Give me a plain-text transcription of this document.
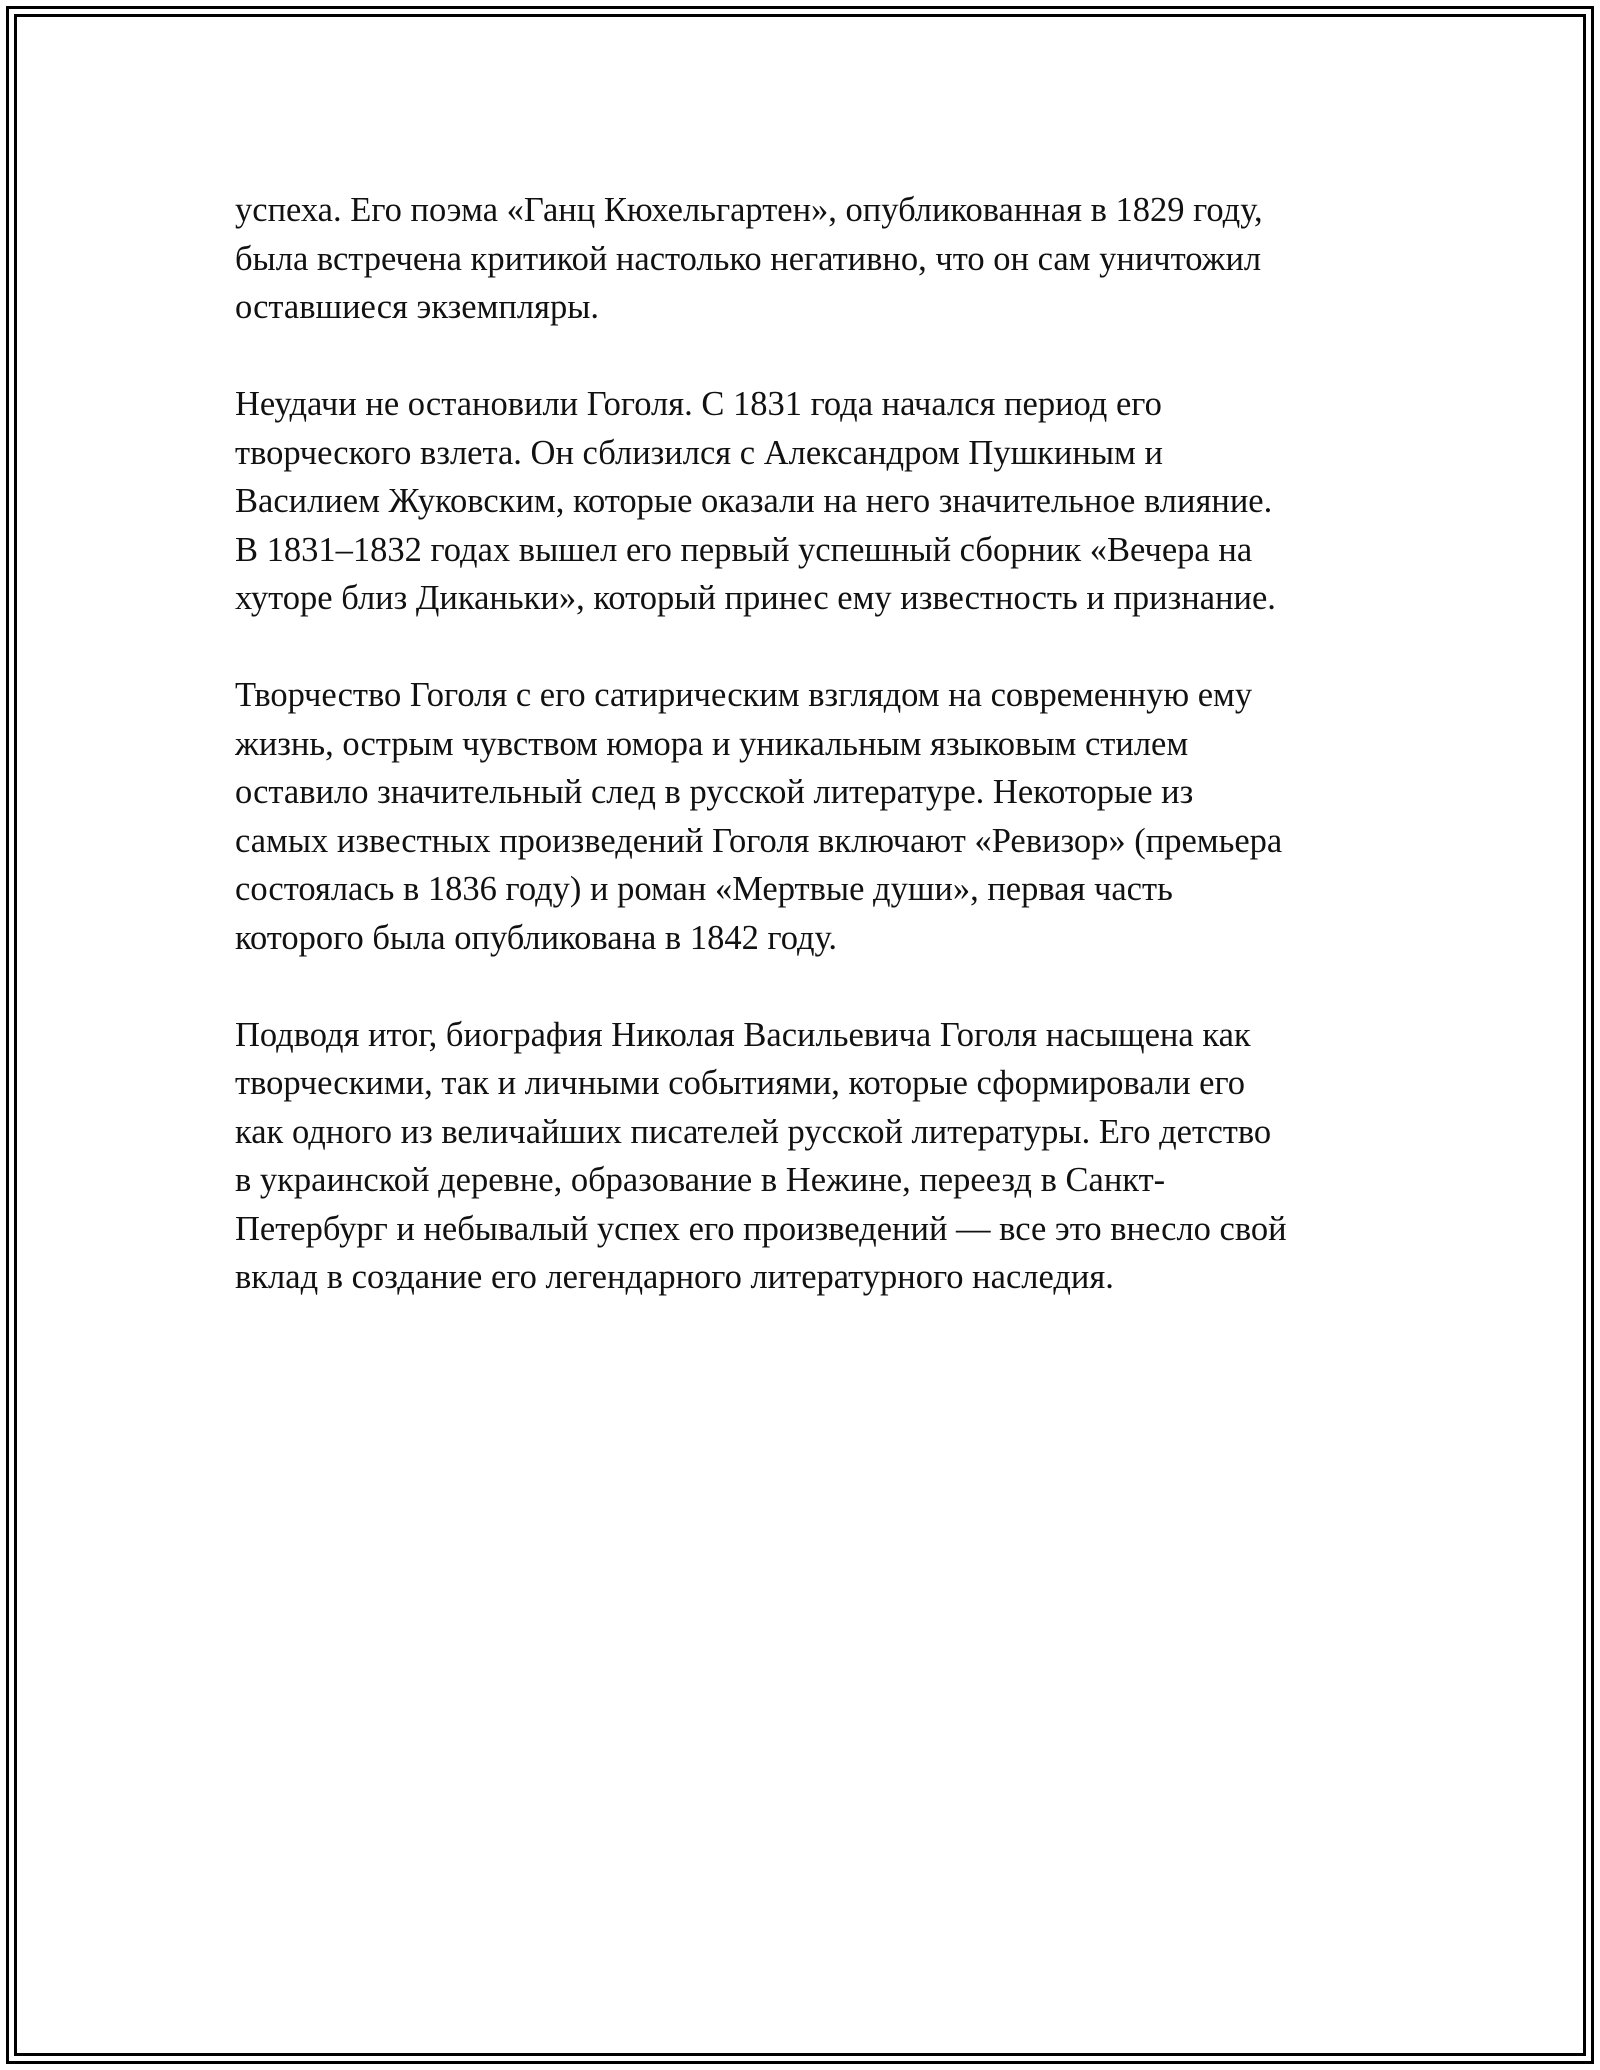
успеха. Его поэма «Ганц Кюхельгартен», опубликованная в 1829 году,
была встречена критикой настолько негативно, что он сам уничтожил
оставшиеся экземпляры.

Неудачи не остановили Гоголя. С 1831 года начался период его
творческого взлета. Он сблизился с Александром Пушкиным и
Василием Жуковским, которые оказали на него значительное влияние.
В 1831–1832 годах вышел его первый успешный сборник «Вечера на
хуторе близ Диканьки», который принес ему известность и признание.

Творчество Гоголя с его сатирическим взглядом на современную ему
жизнь, острым чувством юмора и уникальным языковым стилем
оставило значительный след в русской литературе. Некоторые из
самых известных произведений Гоголя включают «Ревизор» (премьера
состоялась в 1836 году) и роман «Мертвые души», первая часть
которого была опубликована в 1842 году.

Подводя итог, биография Николая Васильевича Гоголя насыщена как
творческими, так и личными событиями, которые сформировали его
как одного из величайших писателей русской литературы. Его детство
в украинской деревне, образование в Нежине, переезд в Санкт-
Петербург и небывалый успех его произведений — все это внесло свой
вклад в создание его легендарного литературного наследия.
